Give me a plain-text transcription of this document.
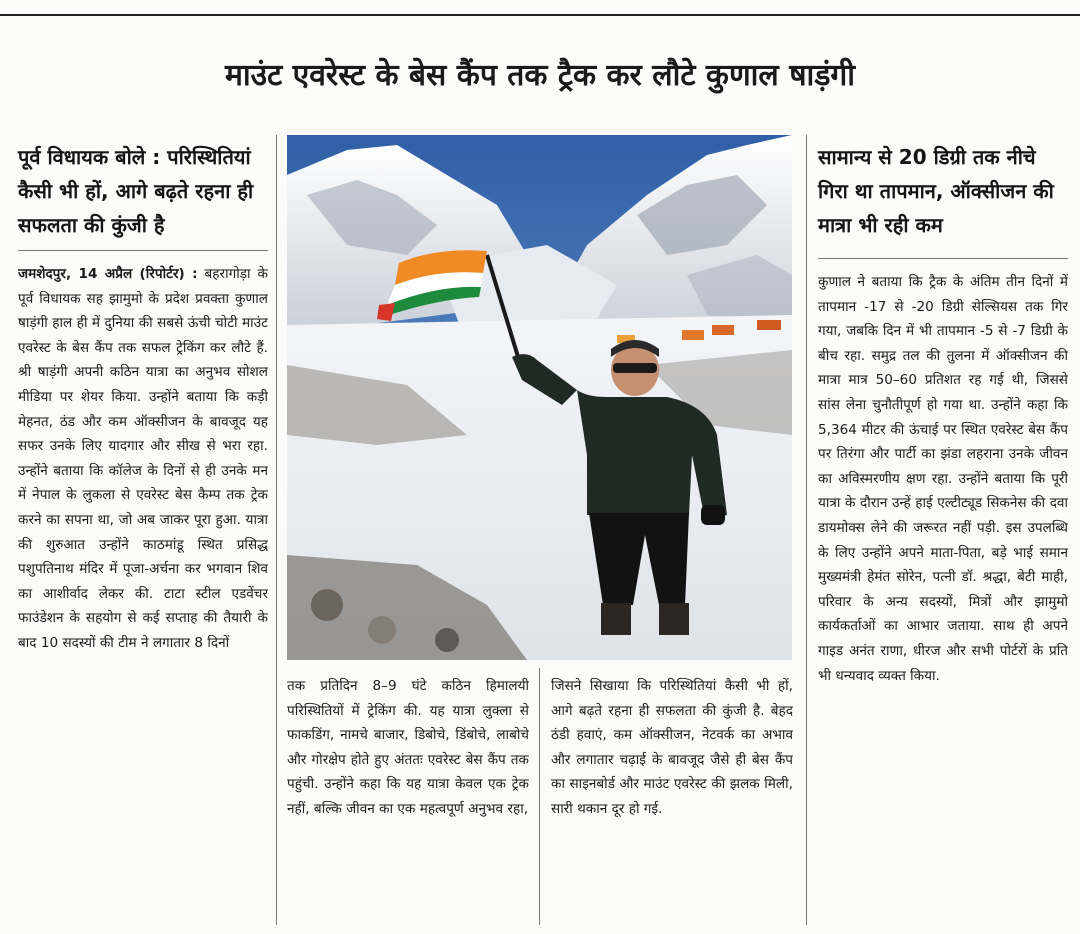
माउंट एवरेस्ट के बेस कैंप तक ट्रैक कर लौटे कुणाल षाड़ंगी
पूर्व विधायक बोले : परिस्थितियां कैसी भी हों, आगे बढ़ते रहना ही सफलता की कुंजी है

जमशेदपुर, 14 अप्रैल (रिपोर्टर) : बहरागोड़ा के पूर्व विधायक सह झामुमो के प्रदेश प्रवक्ता कुणाल षाड़ंगी हाल ही में दुनिया की सबसे ऊंची चोटी माउंट एवरेस्ट के बेस कैंप तक सफल ट्रेकिंग कर लौटे हैं. श्री षाड़ंगी अपनी कठिन यात्रा का अनुभव सोशल मीडिया पर शेयर किया. उन्होंने बताया कि कड़ी मेहनत, ठंड और कम ऑक्सीजन के बावजूद यह सफर उनके लिए यादगार और सीख से भरा रहा. उन्होंने बताया कि कॉलेज के दिनों से ही उनके मन में नेपाल के लुकला से एवरेस्ट बेस कैम्प तक ट्रेक करने का सपना था, जो अब जाकर पूरा हुआ. यात्रा की शुरुआत उन्होंने काठमांडू स्थित प्रसिद्ध पशुपतिनाथ मंदिर में पूजा-अर्चना कर भगवान शिव का आशीर्वाद लेकर की. टाटा स्टील एडवेंचर फाउंडेशन के सहयोग से कई सप्ताह की तैयारी के बाद 10 सदस्यों की टीम ने लगातार 8 दिनों

तक प्रतिदिन 8–9 घंटे कठिन हिमालयी परिस्थितियों में ट्रेकिंग की. यह यात्रा लुक्ला से फाकडिंग, नामचे बाजार, डिबोचे, डिंबोचे, लाबोचे और गोरक्षेप होते हुए अंततः एवरेस्ट बेस कैंप तक पहुंची. उन्होंने कहा कि यह यात्रा केवल एक ट्रेक नहीं, बल्कि जीवन का एक महत्वपूर्ण अनुभव रहा,

जिसने सिखाया कि परिस्थितियां कैसी भी हों, आगे बढ़ते रहना ही सफलता की कुंजी है. बेहद ठंडी हवाएं, कम ऑक्सीजन, नेटवर्क का अभाव और लगातार चढ़ाई के बावजूद जैसे ही बेस कैंप का साइनबोर्ड और माउंट एवरेस्ट की झलक मिली, सारी थकान दूर हो गई.

सामान्य से 20 डिग्री तक नीचे गिरा था तापमान, ऑक्सीजन की मात्रा भी रही कम

कुणाल ने बताया कि ट्रैक के अंतिम तीन दिनों में तापमान -17 से -20 डिग्री सेल्सियस तक गिर गया, जबकि दिन में भी तापमान -5 से -7 डिग्री के बीच रहा. समुद्र तल की तुलना में ऑक्सीजन की मात्रा मात्र 50–60 प्रतिशत रह गई थी, जिससे सांस लेना चुनौतीपूर्ण हो गया था. उन्होंने कहा कि 5,364 मीटर की ऊंचाई पर स्थित एवरेस्ट बेस कैंप पर तिरंगा और पार्टी का झंडा लहराना उनके जीवन का अविस्मरणीय क्षण रहा. उन्होंने बताया कि पूरी यात्रा के दौरान उन्हें हाई एल्टीट्यूड सिकनेस की दवा डायमोक्स लेने की जरूरत नहीं पड़ी. इस उपलब्धि के लिए उन्होंने अपने माता-पिता, बड़े भाई समान मुख्यमंत्री हेमंत सोरेन, पत्नी डॉ. श्रद्धा, बेटी माही, परिवार के अन्य सदस्यों, मित्रों और झामुमो कार्यकर्ताओं का आभार जताया. साथ ही अपने गाइड अनंत राणा, धीरज और सभी पोर्टरों के प्रति भी धन्यवाद व्यक्त किया.
